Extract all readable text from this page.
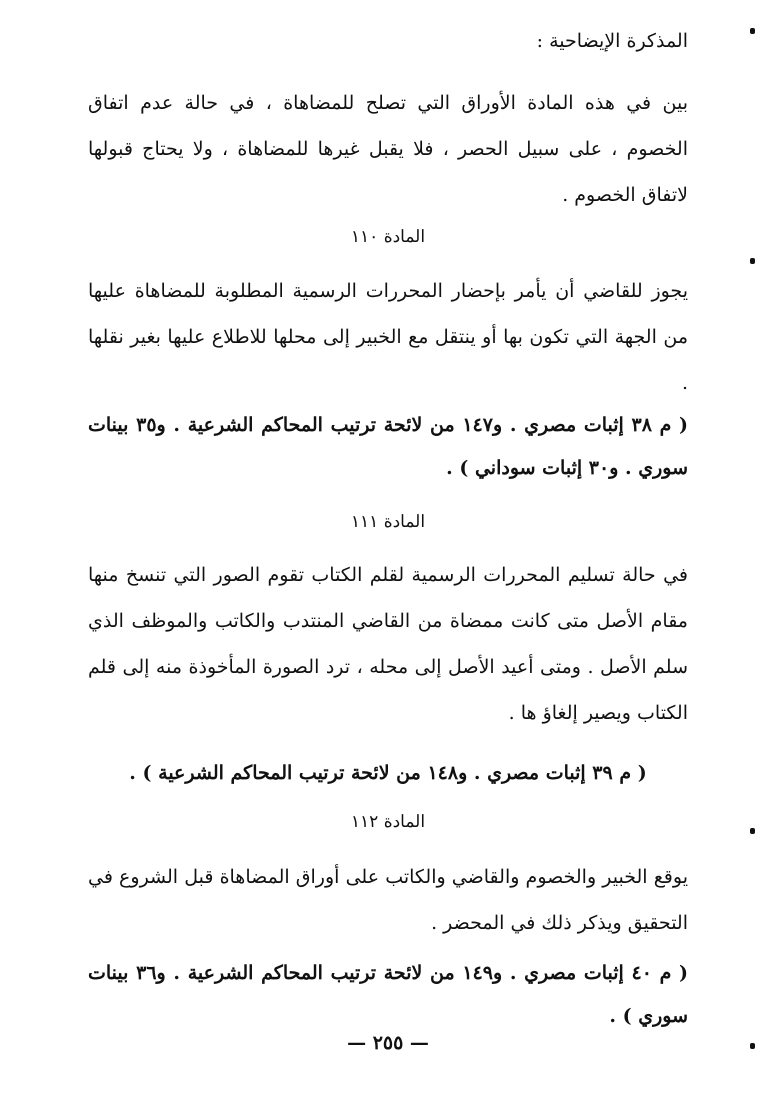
المذكرة الإيضاحية :

بين في هذه المادة الأوراق التي تصلح للمضاهاة ، في حالة عدم اتفاق الخصوم ، على سبيل الحصر ، فلا يقبل غيرها للمضاهاة ، ولا يحتاج قبولها لاتفاق الخصوم .

المادة ١١٠

يجوز للقاضي أن يأمر بإحضار المحررات الرسمية المطلوبة للمضاهاة عليها من الجهة التي تكون بها أو ينتقل مع الخبير إلى محلها للاطلاع عليها بغير نقلها .

( م ٣٨ إثبات مصري . و١٤٧ من لائحة ترتيب المحاكم الشرعية . و٣٥ بينات سوري . و٣٠ إثبات سوداني ) .

المادة ١١١

في حالة تسليم المحررات الرسمية لقلم الكتاب تقوم الصور التي تنسخ منها مقام الأصل متى كانت ممضاة من القاضي المنتدب والكاتب والموظف الذي سلم الأصل . ومتى أعيد الأصل إلى محله ، ترد الصورة المأخوذة منه إلى قلم الكتاب ويصير إلغاؤ ها .

( م ٣٩ إثبات مصري . و١٤٨ من لائحة ترتيب المحاكم الشرعية ) .

المادة ١١٢

يوقع الخبير والخصوم والقاضي والكاتب على أوراق المضاهاة قبل الشروع في التحقيق ويذكر ذلك في المحضر .

( م ٤٠ إثبات مصري . و١٤٩ من لائحة ترتيب المحاكم الشرعية . و٣٦ بينات سوري ) .

— ٢٥٥ —
